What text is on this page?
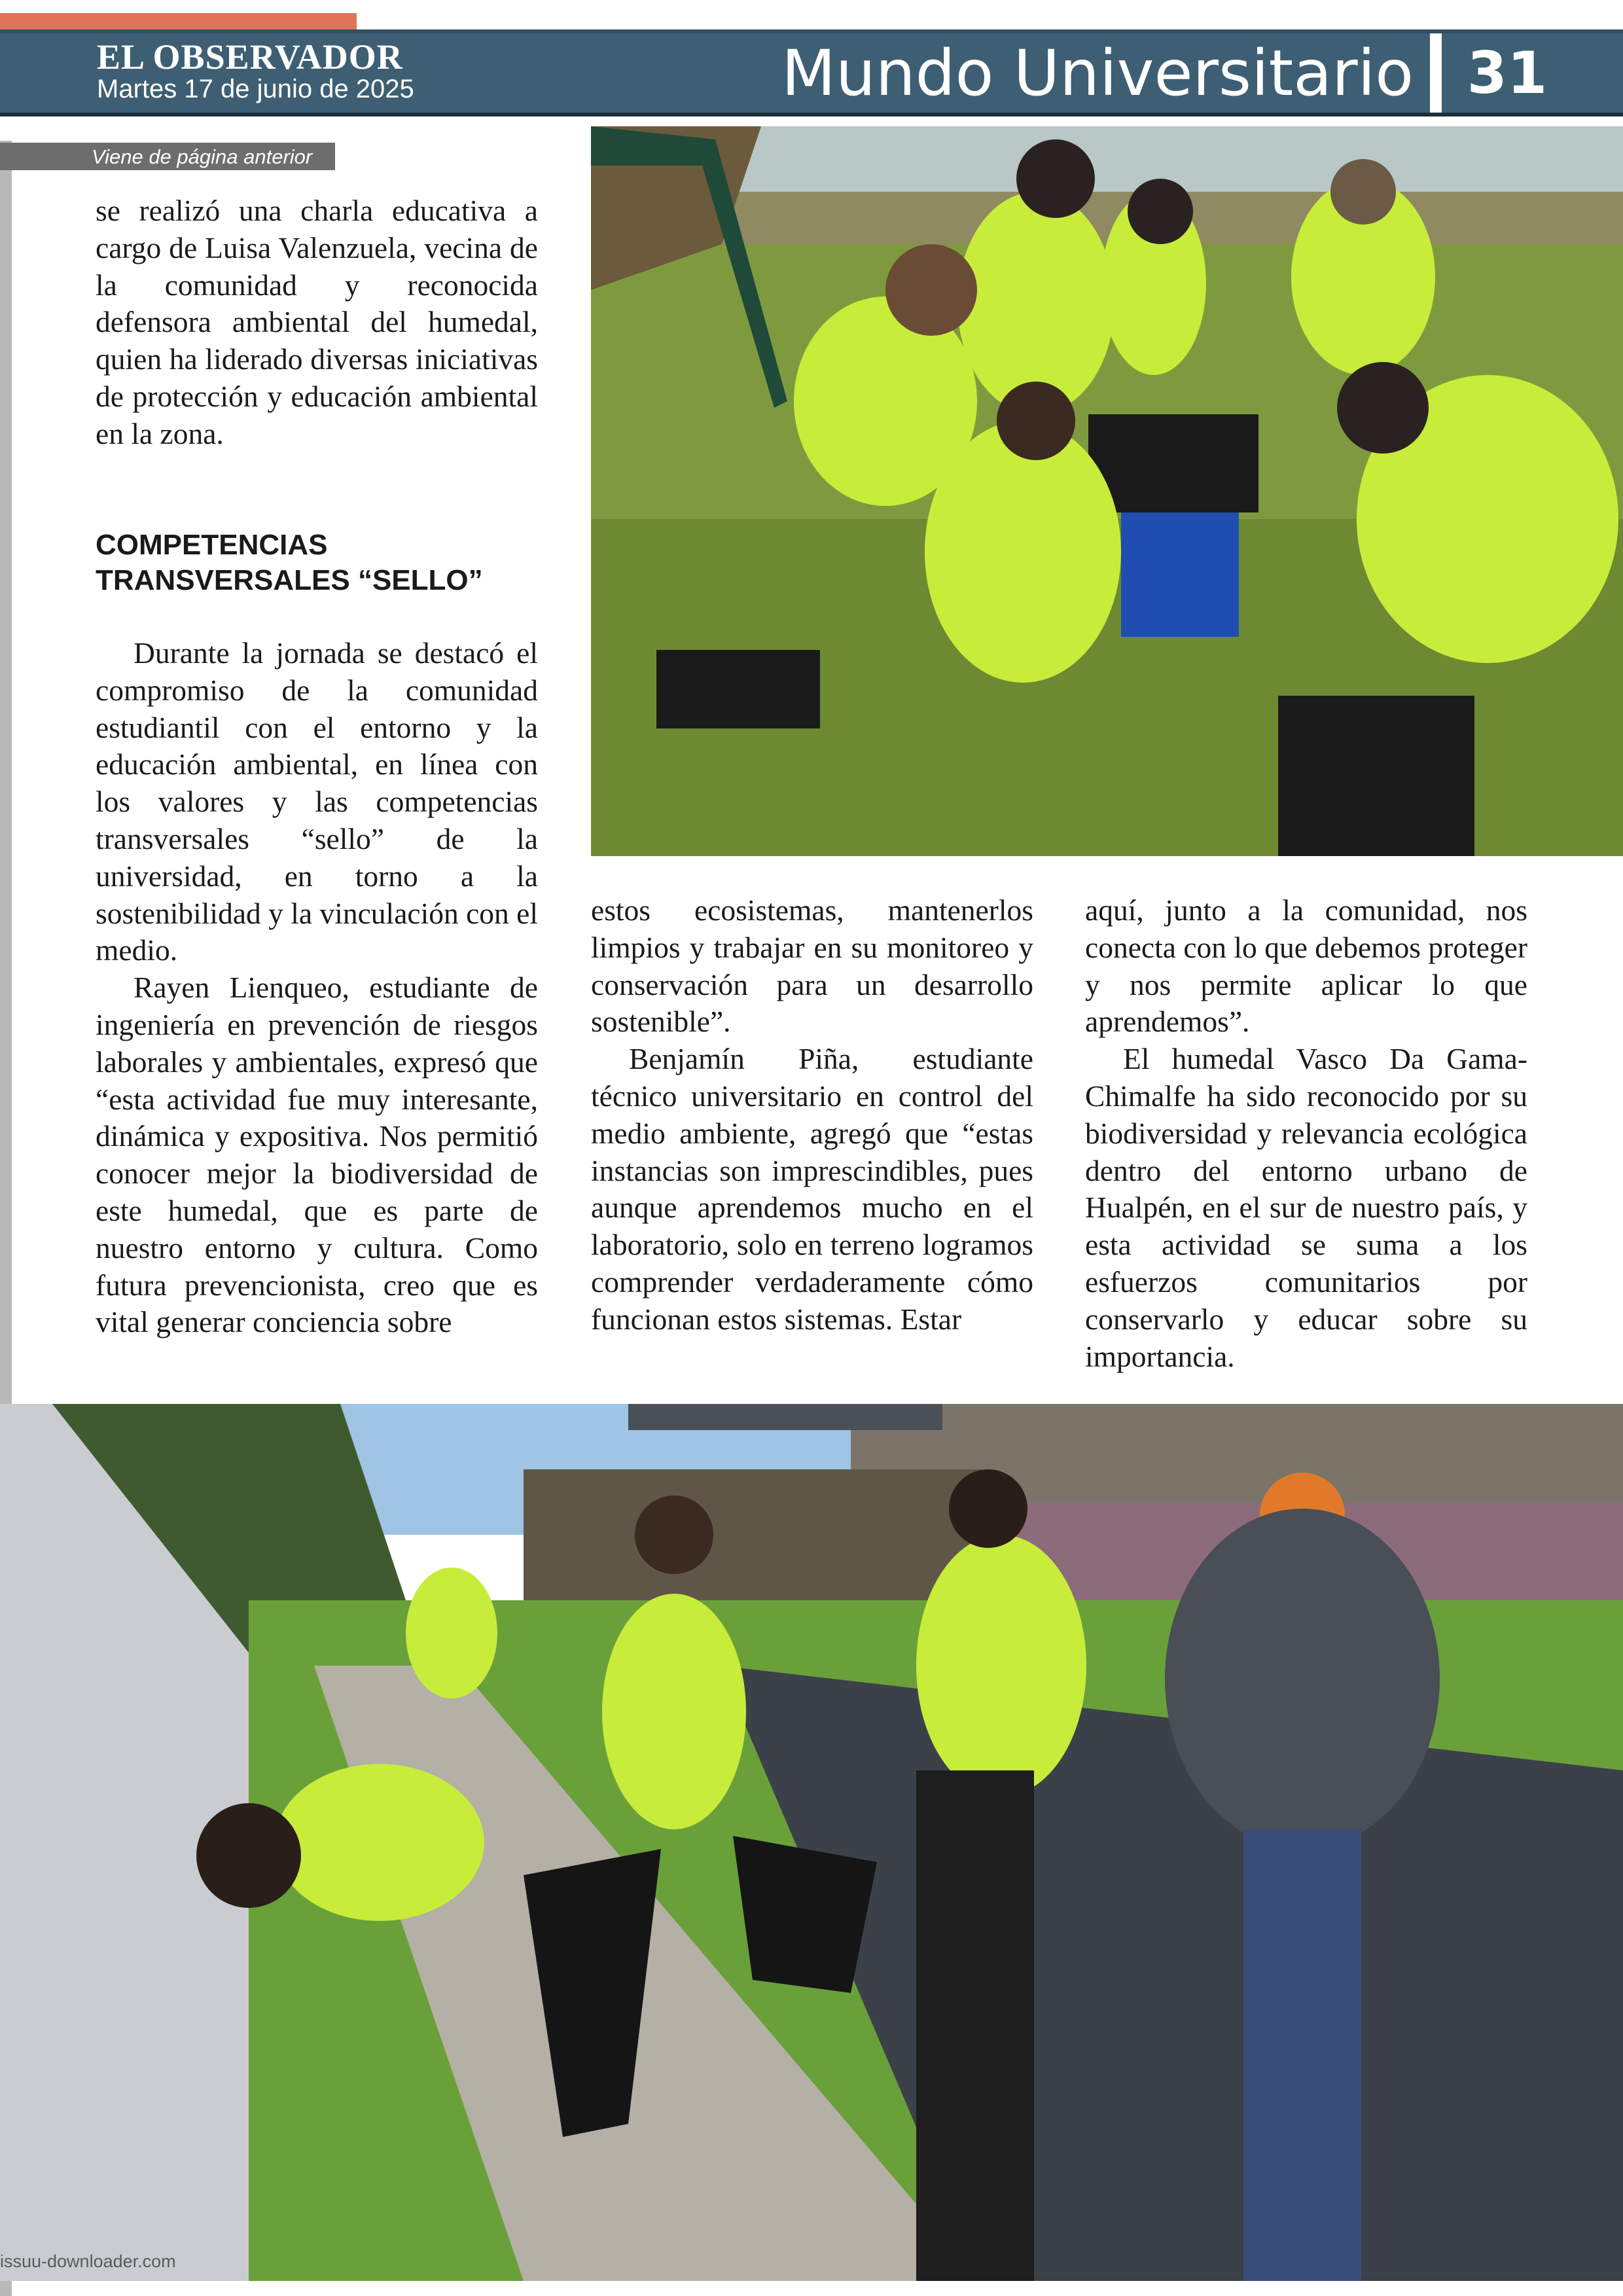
EL OBSERVADOR
Martes 17 de junio de 2025	Mundo Universitario 31
Viene de página anterior

se realizó una charla educativa a cargo de Luisa Valenzuela, vecina de la comunidad y reconocida defensora ambiental del humedal, quien ha liderado diversas iniciativas de protección y educación ambiental en la zona.

COMPETENCIAS TRANSVERSALES “SELLO”

Durante la jornada se destacó el compromiso de la comunidad estudiantil con el entorno y la educación ambiental, en línea con los valores y las competencias transversales “sello” de la universidad, en torno a la sostenibilidad y la vinculación con el medio.

Rayen Lienqueo, estudiante de ingeniería en prevención de riesgos laborales y ambientales, expresó que “esta actividad fue muy interesante, dinámica y expositiva. Nos permitió conocer mejor la biodiversidad de este humedal, que es parte de nuestro entorno y cultura. Como futura prevencionista, creo que es vital generar conciencia sobre

estos ecosistemas, mantenerlos limpios y trabajar en su monitoreo y conservación para un desarrollo sostenible”.

Benjamín Piña, estudiante técnico universitario en control del medio ambiente, agregó que “estas instancias son imprescindibles, pues aunque aprendemos mucho en el laboratorio, solo en terreno logramos comprender verdaderamente cómo funcionan estos sistemas. Estar

aquí, junto a la comunidad, nos conecta con lo que debemos proteger y nos permite aplicar lo que aprendemos”.

El humedal Vasco Da Gama-Chimalfe ha sido reconocido por su biodiversidad y relevancia ecológica dentro del entorno urbano de Hualpén, en el sur de nuestro país, y esta actividad se suma a los esfuerzos comunitarios por conservarlo y educar sobre su importancia.

issuu-downloader.com
